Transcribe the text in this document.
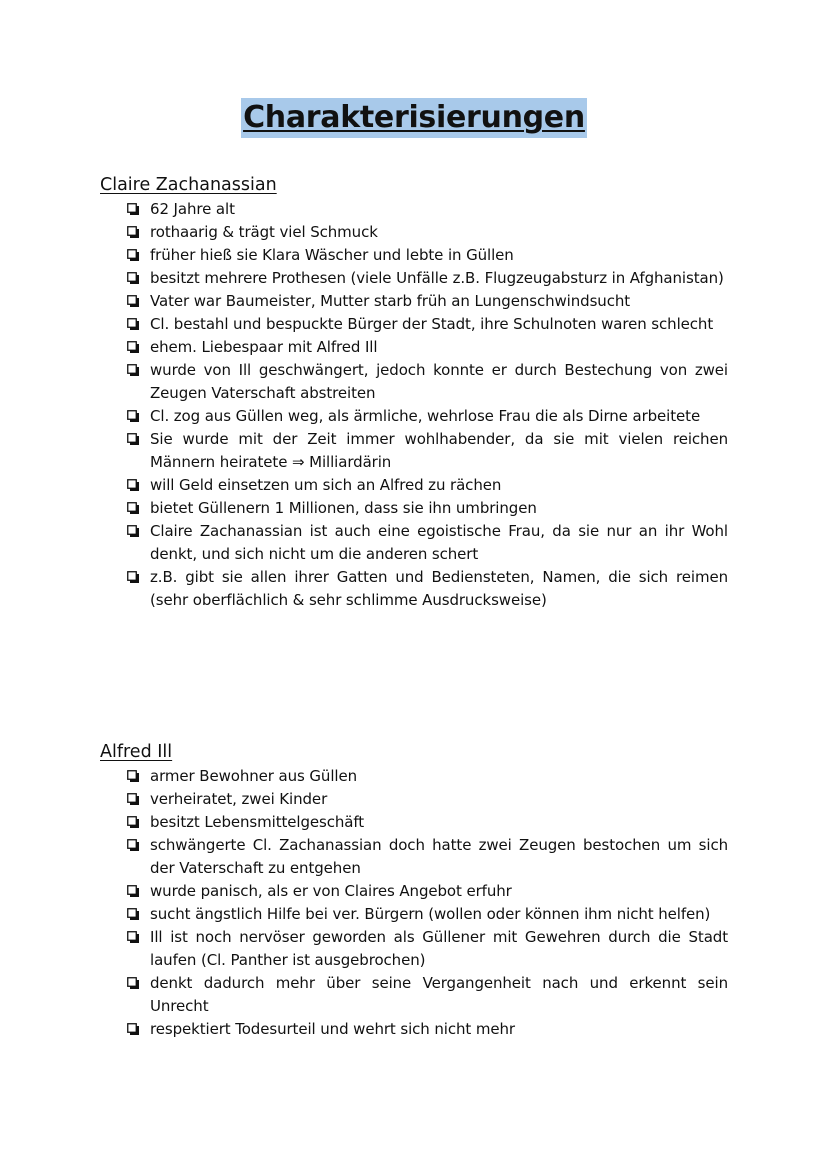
Charakterisierungen
Claire Zachanassian
62 Jahre alt
rothaarig & trägt viel Schmuck
früher hieß sie Klara Wäscher und lebte in Güllen
besitzt mehrere Prothesen (viele Unfälle z.B. Flugzeugabsturz in Afghanistan)
Vater war Baumeister, Mutter starb früh an Lungenschwindsucht
Cl. bestahl und bespuckte Bürger der Stadt, ihre Schulnoten waren schlecht
ehem. Liebespaar mit Alfred Ill
wurde von Ill geschwängert, jedoch konnte er durch Bestechung von zwei Zeugen Vaterschaft abstreiten
Cl. zog aus Güllen weg, als ärmliche, wehrlose Frau die als Dirne arbeitete
Sie wurde mit der Zeit immer wohlhabender, da sie mit vielen reichen Männern heiratete ⇒ Milliardärin
will Geld einsetzen um sich an Alfred zu rächen
bietet Güllenern 1 Millionen, dass sie ihn umbringen
Claire Zachanassian ist auch eine egoistische Frau, da sie nur an ihr Wohl denkt, und sich nicht um die anderen schert
z.B. gibt sie allen ihrer Gatten und Bediensteten, Namen, die sich reimen (sehr oberflächlich & sehr schlimme Ausdrucksweise)
Alfred Ill
armer Bewohner aus Güllen
verheiratet, zwei Kinder
besitzt Lebensmittelgeschäft
schwängerte Cl. Zachanassian doch hatte zwei Zeugen bestochen um sich der Vaterschaft zu entgehen
wurde panisch, als er von Claires Angebot erfuhr
sucht ängstlich Hilfe bei ver. Bürgern (wollen oder können ihm nicht helfen)
Ill ist noch nervöser geworden als Güllener mit Gewehren durch die Stadt laufen (Cl. Panther ist ausgebrochen)
denkt dadurch mehr über seine Vergangenheit nach und erkennt sein Unrecht
respektiert Todesurteil und wehrt sich nicht mehr
